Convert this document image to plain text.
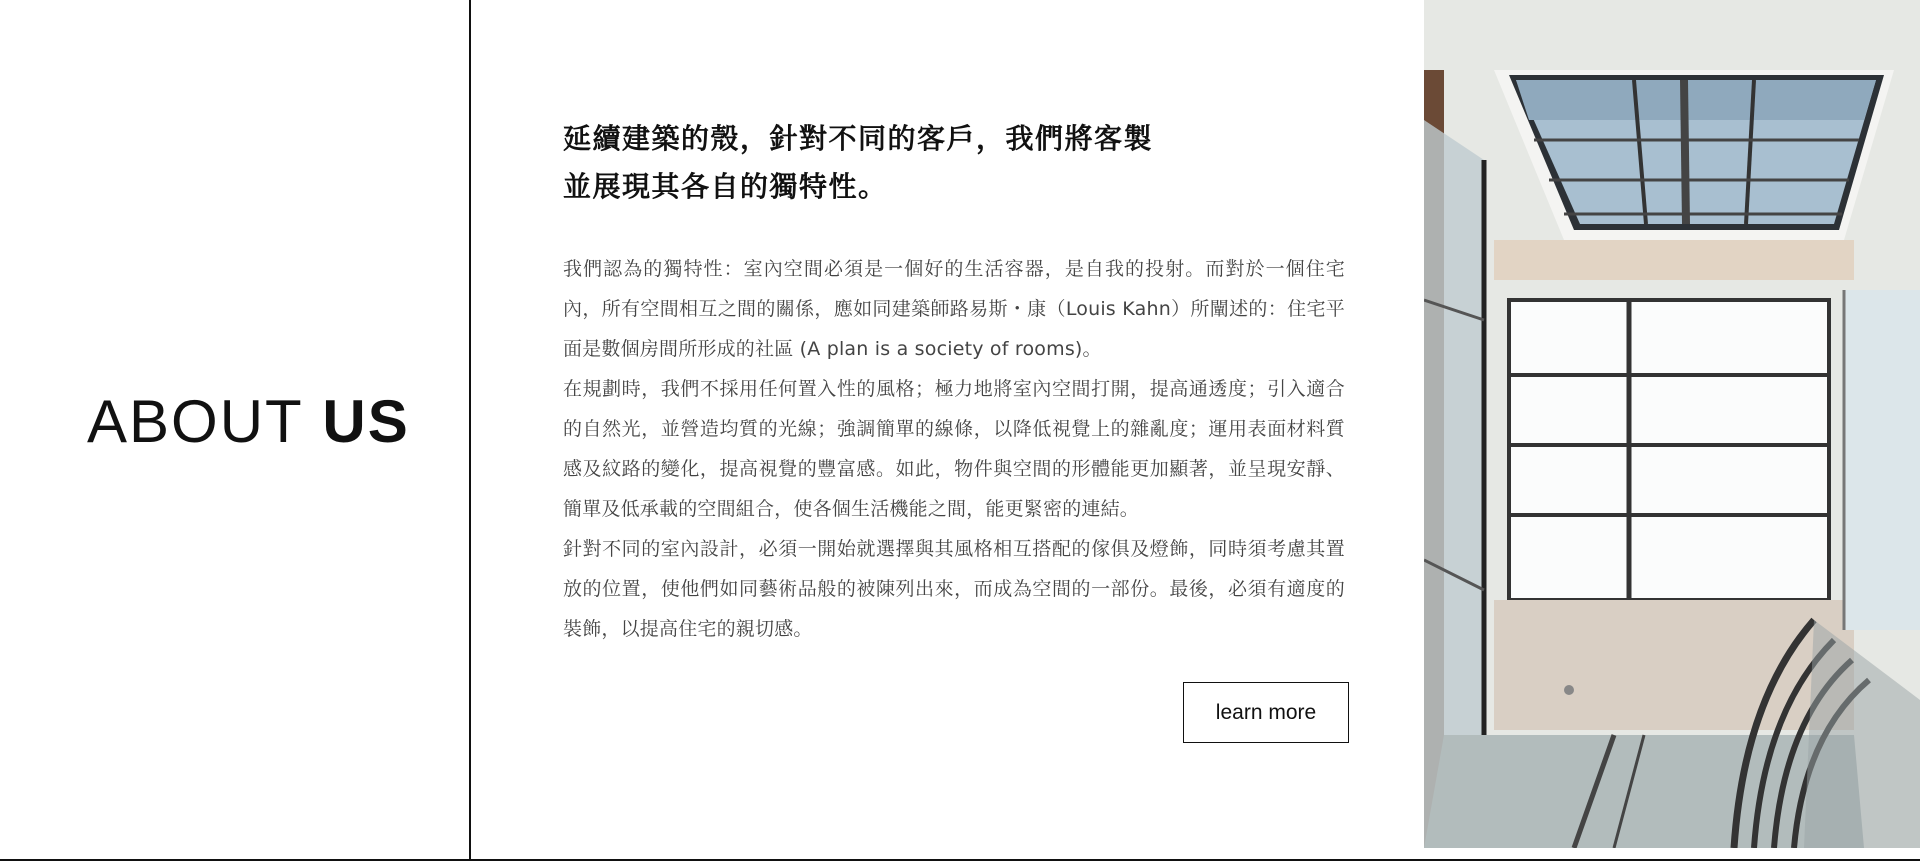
ABOUT US
延續建築的殼，針對不同的客戶，我們將客製
並展現其各自的獨特性。

我們認為的獨特性：室內空間必須是一個好的生活容器，是自我的投射。而對於一個住宅內，所有空間相互之間的關係，應如同建築師路易斯・康（Louis Kahn）所闡述的：住宅平面是數個房間所形成的社區 (A plan is a society of rooms)。

在規劃時，我們不採用任何置入性的風格；極力地將室內空間打開，提高通透度；引入適合的自然光，並營造均質的光線；強調簡單的線條，以降低視覺上的雜亂度；運用表面材料質感及紋路的變化，提高視覺的豐富感。如此，物件與空間的形體能更加顯著，並呈現安靜、簡單及低承載的空間組合，使各個生活機能之間，能更緊密的連結。

針對不同的室內設計，必須一開始就選擇與其風格相互搭配的傢俱及燈飾，同時須考慮其置放的位置，使他們如同藝術品般的被陳列出來，而成為空間的一部份。最後，必須有適度的裝飾，以提高住宅的親切感。

learn more
